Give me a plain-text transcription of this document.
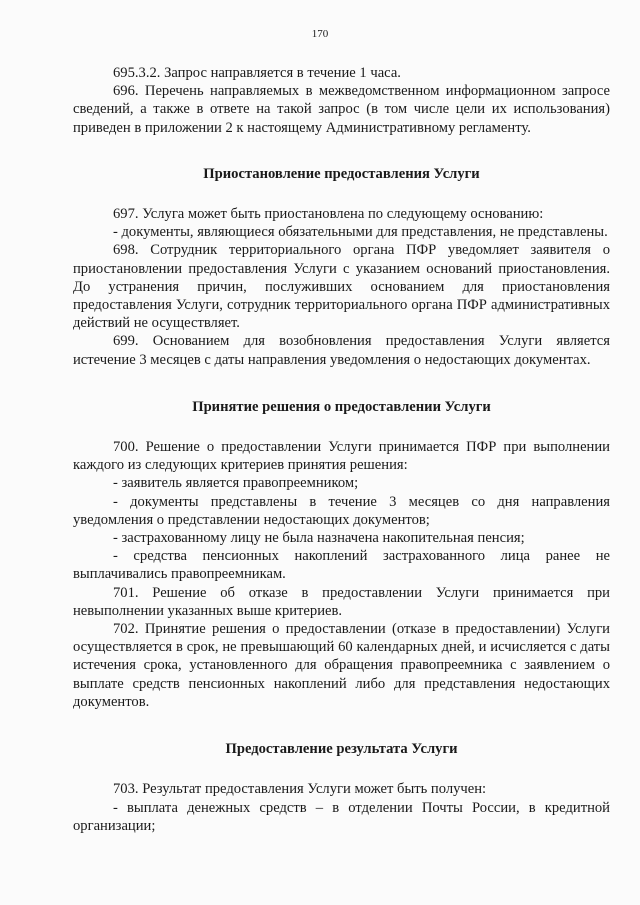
170

695.3.2. Запрос направляется в течение 1 часа.

696. Перечень направляемых в межведомственном информационном запросе сведений, а также в ответе на такой запрос (в том числе цели их использования) приведен в приложении 2 к настоящему Административному регламенту.

Приостановление предоставления Услуги

697. Услуга может быть приостановлена по следующему основанию:

- документы, являющиеся обязательными для представления, не представлены.

698. Сотрудник территориального органа ПФР уведомляет заявителя о приостановлении предоставления Услуги с указанием оснований приостановления. До устранения причин, послуживших основанием для приостановления предоставления Услуги, сотрудник территориального органа ПФР административных действий не осуществляет.

699. Основанием для возобновления предоставления Услуги является истечение 3 месяцев с даты направления уведомления о недостающих документах.

Принятие решения о предоставлении Услуги

700. Решение о предоставлении Услуги принимается ПФР при выполнении каждого из следующих критериев принятия решения:

- заявитель является правопреемником;

- документы представлены в течение 3 месяцев со дня направления уведомления о представлении недостающих документов;

- застрахованному лицу не была назначена накопительная пенсия;

- средства пенсионных накоплений застрахованного лица ранее не выплачивались правопреемникам.

701. Решение об отказе в предоставлении Услуги принимается при невыполнении указанных выше критериев.

702. Принятие решения о предоставлении (отказе в предоставлении) Услуги осуществляется в срок, не превышающий 60 календарных дней, и исчисляется с даты истечения срока, установленного для обращения правопреемника с заявлением о выплате средств пенсионных накоплений либо для представления недостающих документов.

Предоставление результата Услуги

703. Результат предоставления Услуги может быть получен:

- выплата денежных средств – в отделении Почты России, в кредитной организации;
